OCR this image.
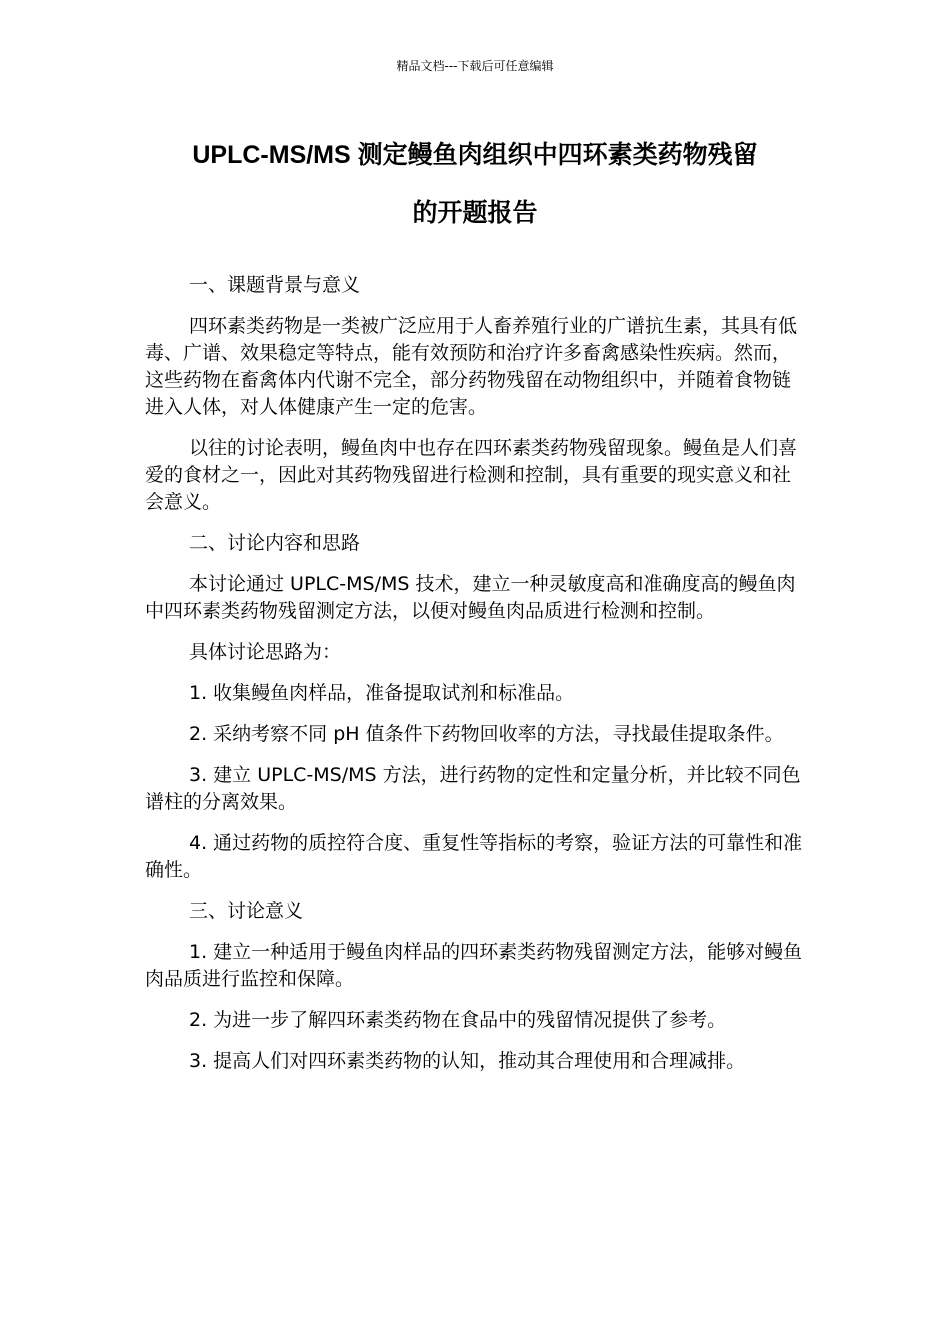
精品文档---下载后可任意编辑
UPLC-MS/MS 测定鳗鱼肉组织中四环素类药物残留
的开题报告

一、课题背景与意义

四环素类药物是一类被广泛应用于人畜养殖行业的广谱抗生素，其具有低毒、广谱、效果稳定等特点，能有效预防和治疗许多畜禽感染性疾病。然而，这些药物在畜禽体内代谢不完全，部分药物残留在动物组织中，并随着食物链进入人体，对人体健康产生一定的危害。

以往的讨论表明，鳗鱼肉中也存在四环素类药物残留现象。鳗鱼是人们喜爱的食材之一，因此对其药物残留进行检测和控制，具有重要的现实意义和社会意义。

二、讨论内容和思路

本讨论通过 UPLC-MS/MS 技术，建立一种灵敏度高和准确度高的鳗鱼肉中四环素类药物残留测定方法，以便对鳗鱼肉品质进行检测和控制。

具体讨论思路为：

1. 收集鳗鱼肉样品，准备提取试剂和标准品。

2. 采纳考察不同 pH 值条件下药物回收率的方法，寻找最佳提取条件。

3. 建立 UPLC-MS/MS 方法，进行药物的定性和定量分析，并比较不同色谱柱的分离效果。

4. 通过药物的质控符合度、重复性等指标的考察，验证方法的可靠性和准确性。

三、讨论意义

1. 建立一种适用于鳗鱼肉样品的四环素类药物残留测定方法，能够对鳗鱼肉品质进行监控和保障。

2. 为进一步了解四环素类药物在食品中的残留情况提供了参考。

3. 提高人们对四环素类药物的认知，推动其合理使用和合理减排。
